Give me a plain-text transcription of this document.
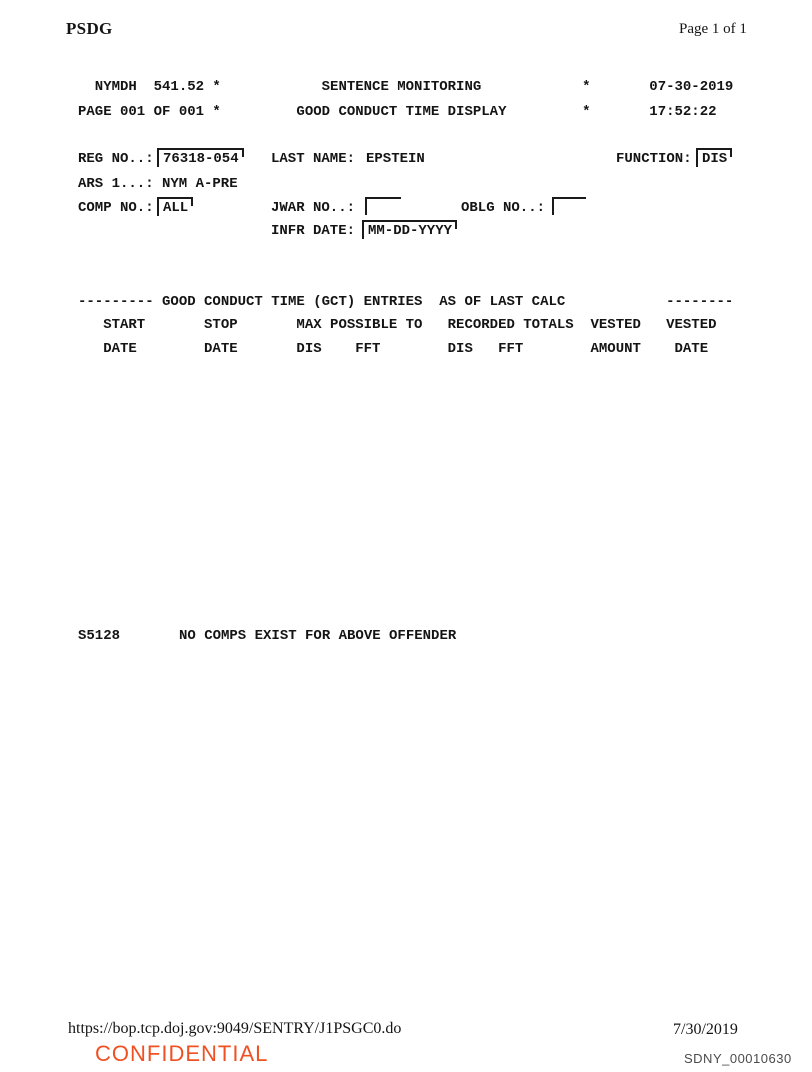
PSDG	Page 1 of 1
NYMDH  541.52 *            SENTENCE MONITORING            *       07-30-2019
PAGE 001 OF 001 *         GOOD CONDUCT TIME DISPLAY         *       17:52:22
REG NO..: 76318-054	LAST NAME: EPSTEIN	FUNCTION: DIS
ARS 1...: NYM A-PRE
COMP NO.: ALL	JWAR NO..:	OBLG NO..:
INFR DATE: MM-DD-YYYY
--------- GOOD CONDUCT TIME (GCT) ENTRIES  AS OF LAST CALC            --------
START       STOP       MAX POSSIBLE TO   RECORDED TOTALS  VESTED   VESTED
DATE        DATE       DIS    FFT        DIS   FFT        AMOUNT    DATE
S5128	NO COMPS EXIST FOR ABOVE OFFENDER
https://bop.tcp.doj.gov:9049/SENTRY/J1PSGC0.do	7/30/2019
CONFIDENTIAL	SDNY_00010630
